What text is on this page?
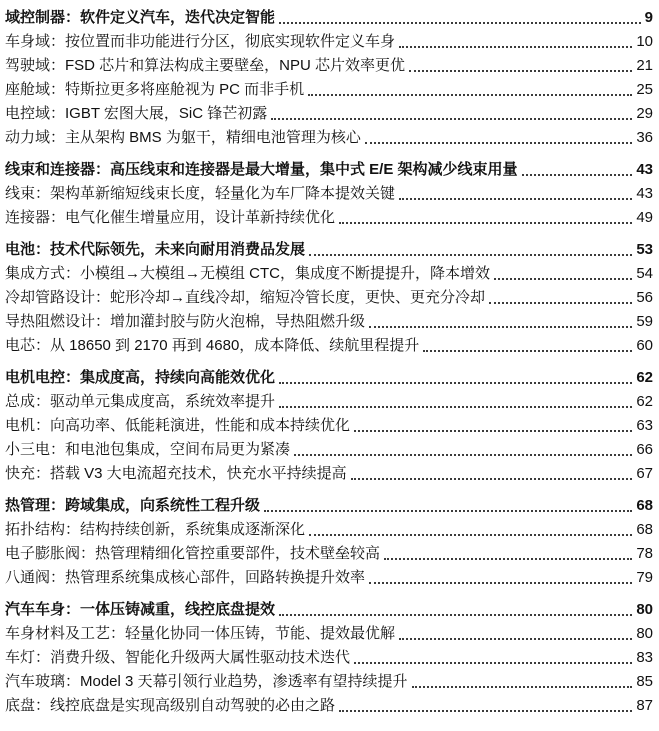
域控制器：软件定义汽车，迭代决定智能	9
车身域：按位置而非功能进行分区，彻底实现软件定义车身	10
驾驶域：FSD 芯片和算法构成主要壁垒，NPU 芯片效率更优	21
座舱域：特斯拉更多将座舱视为 PC 而非手机	25
电控域：IGBT 宏图大展，SiC 锋芒初露	29
动力域：主从架构 BMS 为躯干，精细电池管理为核心	36
线束和连接器：高压线束和连接器是最大增量，集中式 E/E 架构减少线束用量	43
线束：架构革新缩短线束长度，轻量化为车厂降本提效关键	43
连接器：电气化催生增量应用，设计革新持续优化	49
电池：技术代际领先，未来向耐用消费品发展	53
集成方式：小模组→大模组→无模组 CTC，集成度不断提提升，降本增效	54
冷却管路设计：蛇形冷却→直线冷却，缩短冷管长度，更快、更充分冷却	56
导热阻燃设计：增加灌封胶与防火泡棉，导热阻燃升级	59
电芯：从 18650 到 2170 再到 4680，成本降低、续航里程提升	60
电机电控：集成度高，持续向高能效优化	62
总成：驱动单元集成度高，系统效率提升	62
电机：向高功率、低能耗演进，性能和成本持续优化	63
小三电：和电池包集成，空间布局更为紧凑	66
快充：搭载 V3 大电流超充技术，快充水平持续提高	67
热管理：跨域集成，向系统性工程升级	68
拓扑结构：结构持续创新，系统集成逐渐深化	68
电子膨胀阀：热管理精细化管控重要部件，技术壁垒较高	78
八通阀：热管理系统集成核心部件，回路转换提升效率	79
汽车车身：一体压铸减重，线控底盘提效	80
车身材料及工艺：轻量化协同一体压铸，节能、提效最优解	80
车灯：消费升级、智能化升级两大属性驱动技术迭代	83
汽车玻璃：Model 3 天幕引领行业趋势，渗透率有望持续提升	85
底盘：线控底盘是实现高级别自动驾驶的必由之路	87
